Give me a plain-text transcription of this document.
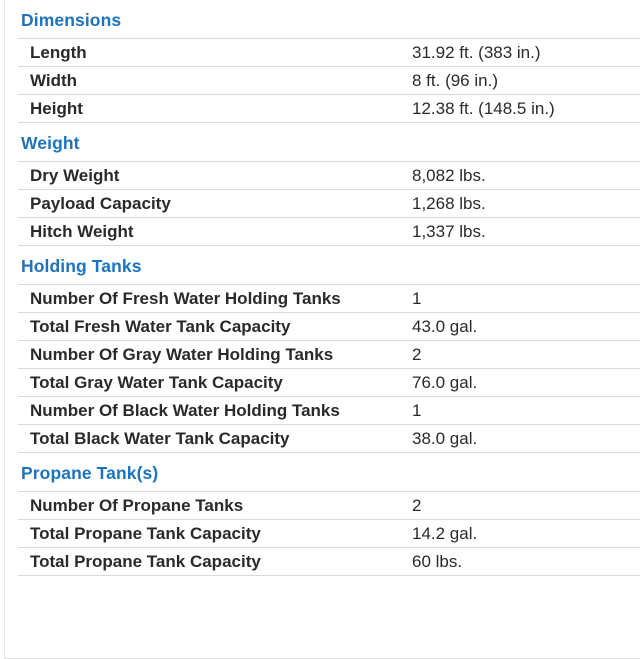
Dimensions
Length	31.92 ft. (383 in.)
Width	8 ft. (96 in.)
Height	12.38 ft. (148.5 in.)
Weight
Dry Weight	8,082 lbs.
Payload Capacity	1,268 lbs.
Hitch Weight	1,337 lbs.
Holding Tanks
Number Of Fresh Water Holding Tanks	1
Total Fresh Water Tank Capacity	43.0 gal.
Number Of Gray Water Holding Tanks	2
Total Gray Water Tank Capacity	76.0 gal.
Number Of Black Water Holding Tanks	1
Total Black Water Tank Capacity	38.0 gal.
Propane Tank(s)
Number Of Propane Tanks	2
Total Propane Tank Capacity	14.2 gal.
Total Propane Tank Capacity	60 lbs.
